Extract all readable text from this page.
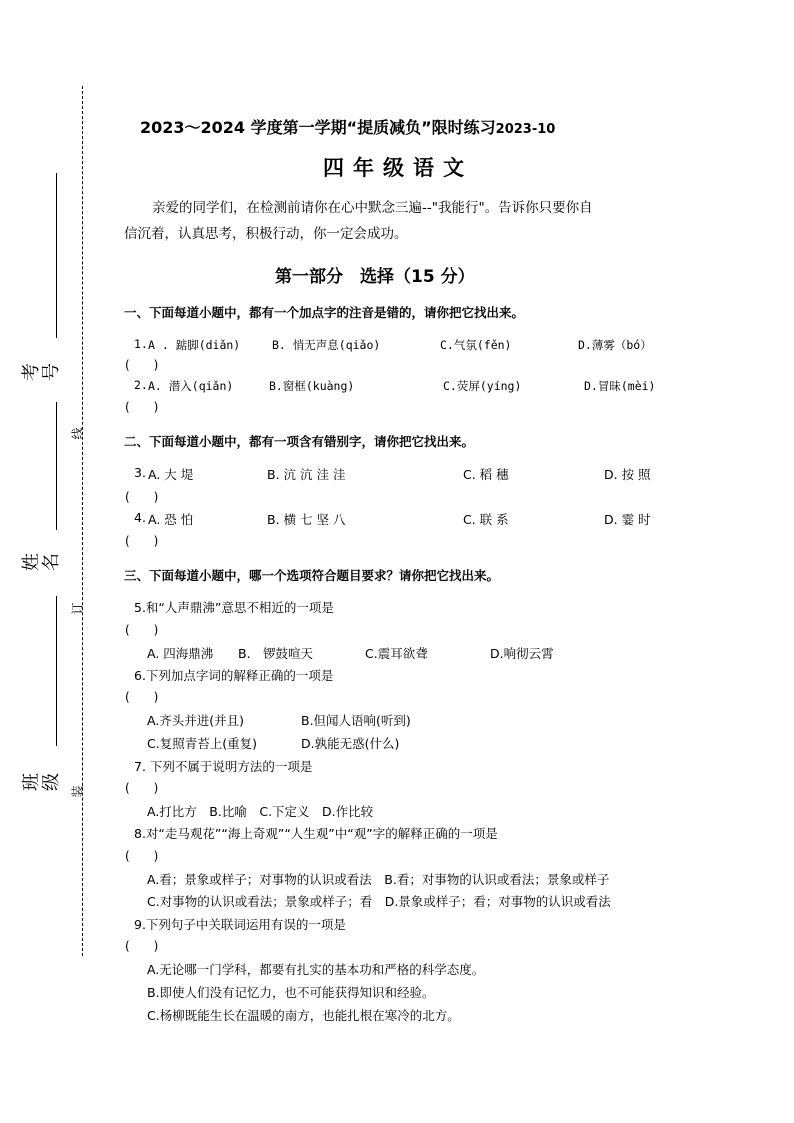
考号
姓名
班级
线
订
装
2023～2024 学度第一学期“提质减负”限时练习2023-10
四年级语文
亲爱的同学们，在检测前请你在心中默念三遍--"我能行"。告诉你只要你自
信沉着，认真思考，积极行动，你一定会成功。
第一部分　选择（15 分）
一、下面每道小题中，都有一个加点字的注音是错的，请你把它找出来。
1. A . 踮脚(diǎn)	B. 悄无声息(qiǎo)	C.气氛(fěn)	D.薄雾（bó）
(　　)
2. A. 潜入(qiǎn)	B.窗框(kuàng)	C.荧屏(yíng)	D.冒昧(mèi)
(　　)
二、下面每道小题中，都有一项含有错别字，请你把它找出来。
3. A. 大 堤	B. 沆 沆 洼 洼	C. 稻 穗	D. 按 照
(　　)
4. A. 恐 怕	B. 横 七 坚 八	C. 联 系	D. 霎 时
(　　)
三、下面每道小题中，哪一个选项符合题目要求？请你把它找出来。
5.和“人声鼎沸”意思不相近的一项是
(　　)
A. 四海鼎沸 B.　锣鼓喧天	C.震耳欲聋	D.响彻云霄
6.下列加点字词的解释正确的一项是
(　　)
A.齐头并进(并且)	B.但闻人语响(听到)
C.复照青苔上(重复)	D.孰能无惑(什么)
7. 下列不属于说明方法的一项是
(　　)
A.打比方　B.比喻　C.下定义　D.作比较
8.对“走马观花”“海上奇观”“人生观”中“观”字的解释正确的一项是
(　　)
A.看；景象或样子；对事物的认识或看法　B.看；对事物的认识或看法；景象或样子
C.对事物的认识或看法；景象或样子；看　D.景象或样子；看；对事物的认识或看法
9.下列句子中关联词运用有误的一项是
(　　)
A.无论哪一门学科，都要有扎实的基本功和严格的科学态度。
B.即使人们没有记忆力，也不可能获得知识和经验。
C.杨柳既能生长在温暖的南方，也能扎根在寒冷的北方。
